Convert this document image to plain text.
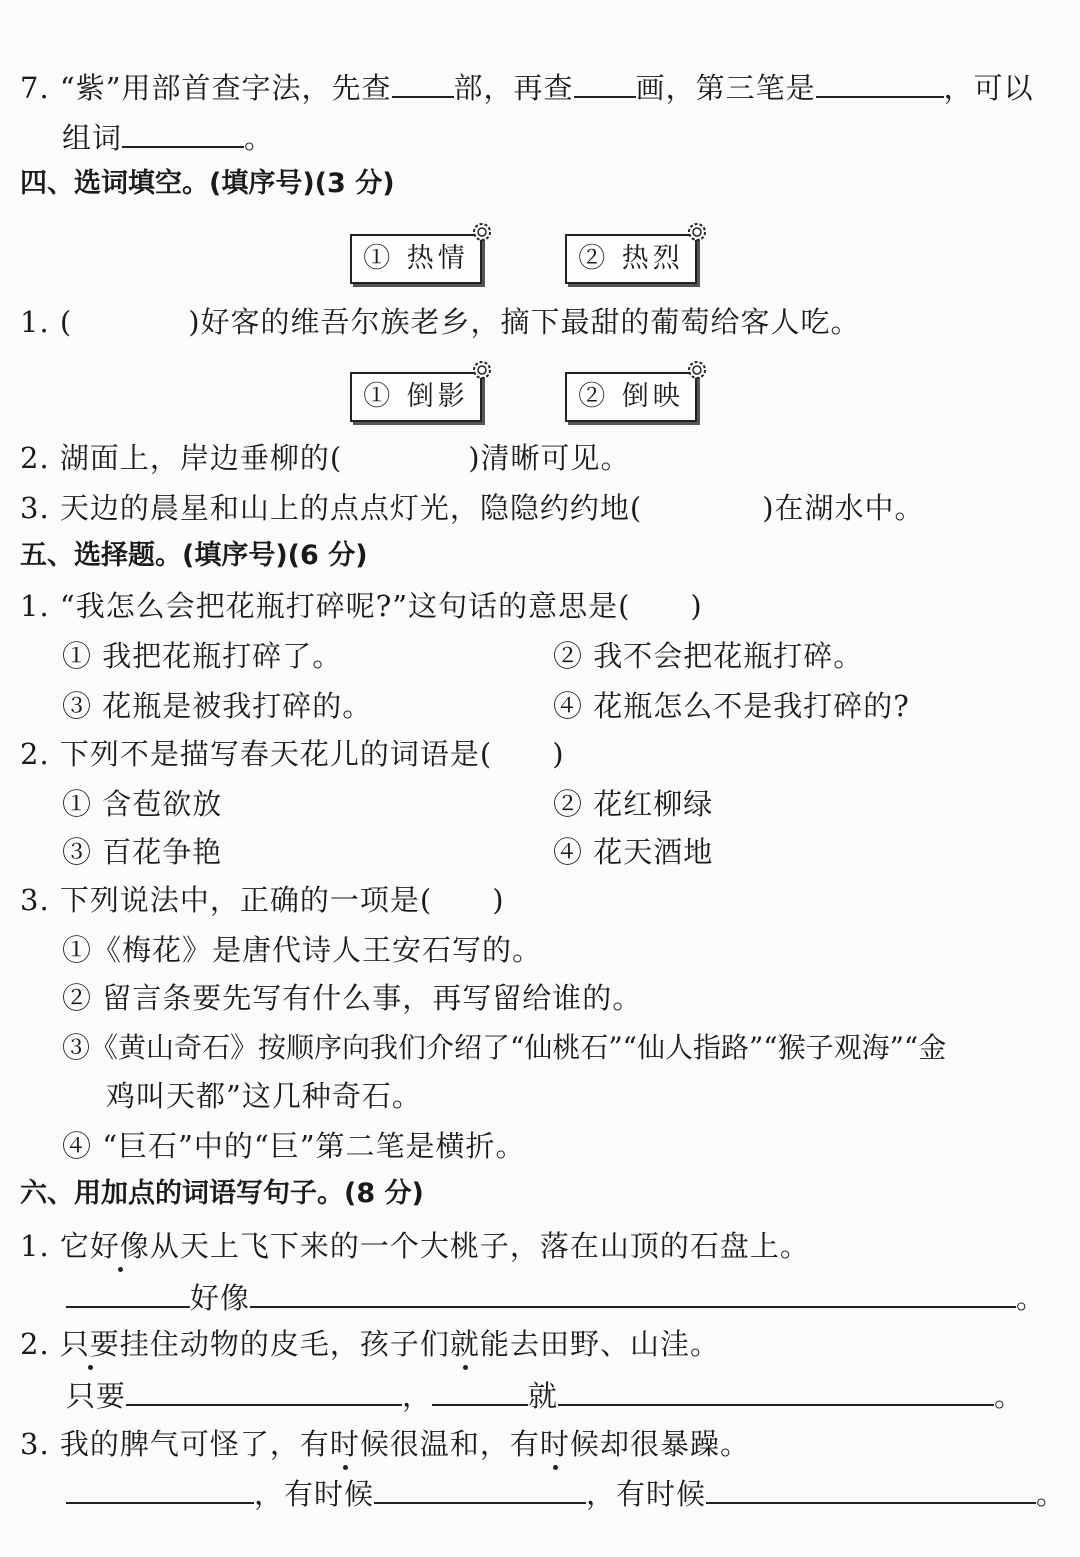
7. “紫”用部首查字法，先查 部，再查 画，第三笔是	，可以
组词	。
四、选词填空。(填序号)(3 分)
① 热情	② 热烈
1. (	)好客的维吾尔族老乡，摘下最甜的葡萄给客人吃。
① 倒影	② 倒映
2. 湖面上，岸边垂柳的(	)清晰可见。
3. 天边的晨星和山上的点点灯光，隐隐约约地(	)在湖水中。
五、选择题。(填序号)(6 分)
1. “我怎么会把花瓶打碎呢?”这句话的意思是(　　)
① 我把花瓶打碎了。	② 我不会把花瓶打碎。
③ 花瓶是被我打碎的。	④ 花瓶怎么不是我打碎的?
2. 下列不是描写春天花儿的词语是(　　)
① 含苞欲放	② 花红柳绿
③ 百花争艳	④ 花天酒地
3. 下列说法中，正确的一项是(　　)
①《梅花》是唐代诗人王安石写的。
② 留言条要先写有什么事，再写留给谁的。
③《黄山奇石》按顺序向我们介绍了“仙桃石”“仙人指路”“猴子观海”“金
鸡叫天都”这几种奇石。
④ “巨石”中的“巨”第二笔是横折。
六、用加点的词语写句子。(8 分)
1. 它好像从天上飞下来的一个大桃子，落在山顶的石盘上。
好像	。
2. 只要挂住动物的皮毛，孩子们就能去田野、山洼。
只要	，	就	。
3. 我的脾气可怪了，有时候很温和，有时候却很暴躁。
，有时候	，有时候	。
